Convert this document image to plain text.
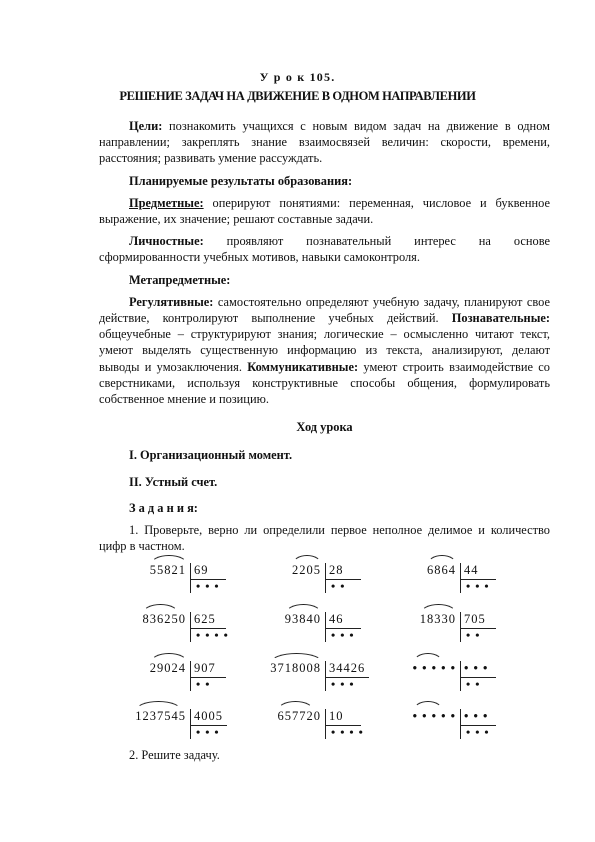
У р о к 105.
РЕШЕНИЕ ЗАДАЧ НА ДВИЖЕНИЕ В ОДНОМ НАПРАВЛЕНИИ

Цели: познакомить учащихся с новым видом задач на движение в одном направлении; закреплять знание взаимосвязей величин: скорости, времени, расстояния; развивать умение рассуждать.

Планируемые результаты образования:

Предметные: оперируют понятиями: переменная, числовое и буквенное выражение, их значение; решают составные задачи.

Личностные: проявляют познавательный интерес на основе сформированности учебных мотивов, навыки самоконтроля.

Метапредметные:

Регулятивные: самостоятельно определяют учебную задачу, планируют свое действие, контролируют выполнение учебных действий. Познавательные: общеучебные – структурируют знания; логические – осмысленно читают текст, умеют выделять существенную информацию из текста, анализируют, делают выводы и умозаключения. Коммуникативные: умеют строить взаимодействие со сверстниками, используя конструктивные способы общения, формулировать собственное мнение и позицию.

Ход урока

I. Организационный момент.

II. Устный счет.

З а д а н и я:

1. Проверьте, верно ли определили первое неполное делимое и количество цифр в частном.

55821 69
• • •
2205 28
• •
6864 44
• • •
836250 625
• • • •
93840 46
• • •
18330 705
• •
29024 907
• •
3718008 34426
• • •
• • • • • • • •
• •
1237545 4005
• • •
657720 10
• • • •
• • • • • • • •
• • •
2. Решите задачу.
